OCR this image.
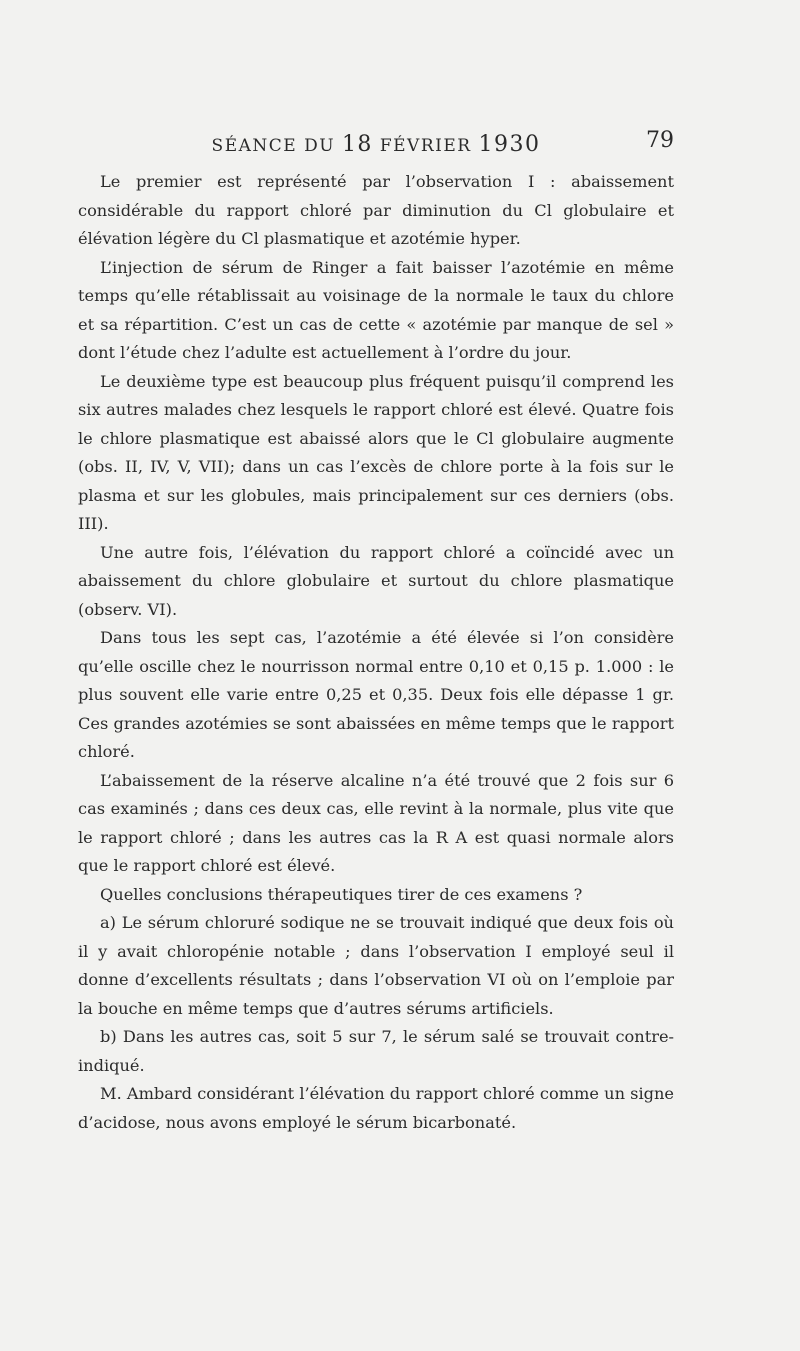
SÉANCE DU 18 FÉVRIER 1930	79

Le premier est représenté par l’observation I : abaissement considérable du rapport chloré par diminution du Cl globulaire et élévation légère du Cl plasmatique et azotémie hyper.

L’injection de sérum de Ringer a fait baisser l’azotémie en même temps qu’elle rétablissait au voisinage de la normale le taux du chlore et sa répartition. C’est un cas de cette « azotémie par manque de sel » dont l’étude chez l’adulte est actuellement à l’ordre du jour.

Le deuxième type est beaucoup plus fréquent puisqu’il comprend les six autres malades chez lesquels le rapport chloré est élevé. Quatre fois le chlore plasmatique est abaissé alors que le Cl globulaire augmente (obs. II, IV, V, VII); dans un cas l’excès de chlore porte à la fois sur le plasma et sur les globules, mais principalement sur ces derniers (obs. III).

Une autre fois, l’élévation du rapport chloré a coïncidé avec un abaissement du chlore globulaire et surtout du chlore plasmatique (observ. VI).

Dans tous les sept cas, l’azotémie a été élevée si l’on considère qu’elle oscille chez le nourrisson normal entre 0,10 et 0,15 p. 1.000 : le plus souvent elle varie entre 0,25 et 0,35. Deux fois elle dépasse 1 gr. Ces grandes azotémies se sont abaissées en même temps que le rapport chloré.

L’abaissement de la réserve alcaline n’a été trouvé que 2 fois sur 6 cas examinés ; dans ces deux cas, elle revint à la normale, plus vite que le rapport chloré ; dans les autres cas la R A est quasi normale alors que le rapport chloré est élevé.

Quelles conclusions thérapeutiques tirer de ces examens ?

a) Le sérum chloruré sodique ne se trouvait indiqué que deux fois où il y avait chloropénie notable ; dans l’observation I employé seul il donne d’excellents résultats ; dans l’observation VI où on l’emploie par la bouche en même temps que d’autres sérums artificiels.

b) Dans les autres cas, soit 5 sur 7, le sérum salé se trouvait contre-indiqué.

M. Ambard considérant l’élévation du rapport chloré comme un signe d’acidose, nous avons employé le sérum bicarbonaté.
